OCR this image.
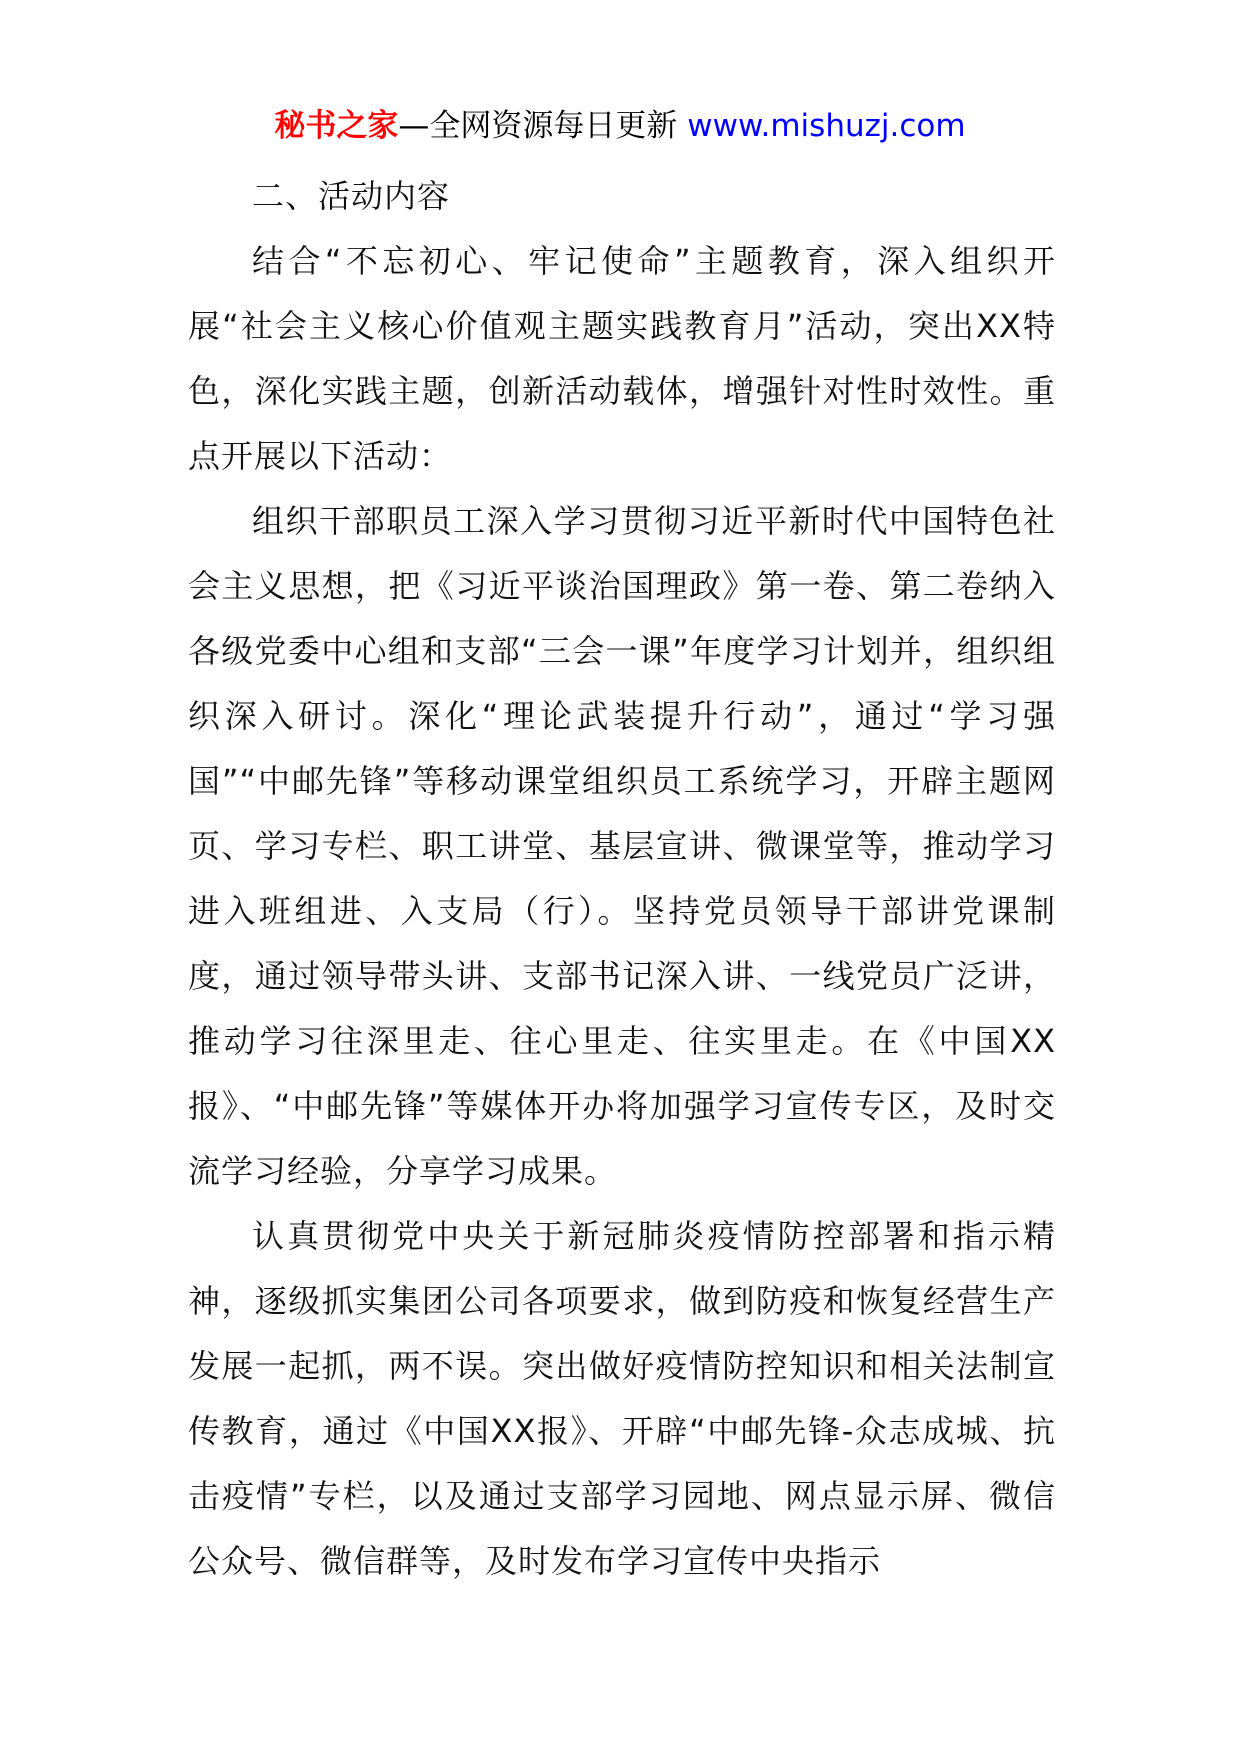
秘书之家—全网资源每日更新 www.mishuzj.com

二、活动内容

结合“不忘初心、牢记使命”主题教育，深入组织开展“社会主义核心价值观主题实践教育月”活动，突出XX特色，深化实践主题，创新活动载体，增强针对性时效性。重点开展以下活动：

组织干部职员工深入学习贯彻习近平新时代中国特色社会主义思想，把《习近平谈治国理政》第一卷、第二卷纳入各级党委中心组和支部“三会一课”年度学习计划并，组织组织深入研讨。深化“理论武装提升行动”，通过“学习强国”“中邮先锋”等移动课堂组织员工系统学习，开辟主题网页、学习专栏、职工讲堂、基层宣讲、微课堂等，推动学习进入班组进、入支局（行）。坚持党员领导干部讲党课制度，通过领导带头讲、支部书记深入讲、一线党员广泛讲，推动学习往深里走、往心里走、往实里走。在《中国XX报》、“中邮先锋”等媒体开办将加强学习宣传专区，及时交流学习经验，分享学习成果。

认真贯彻党中央关于新冠肺炎疫情防控部署和指示精神，逐级抓实集团公司各项要求，做到防疫和恢复经营生产发展一起抓，两不误。突出做好疫情防控知识和相关法制宣传教育，通过《中国XX报》、开辟“中邮先锋-众志成城、抗击疫情”专栏，以及通过支部学习园地、网点显示屏、微信公众号、微信群等，及时发布学习宣传中央指示
